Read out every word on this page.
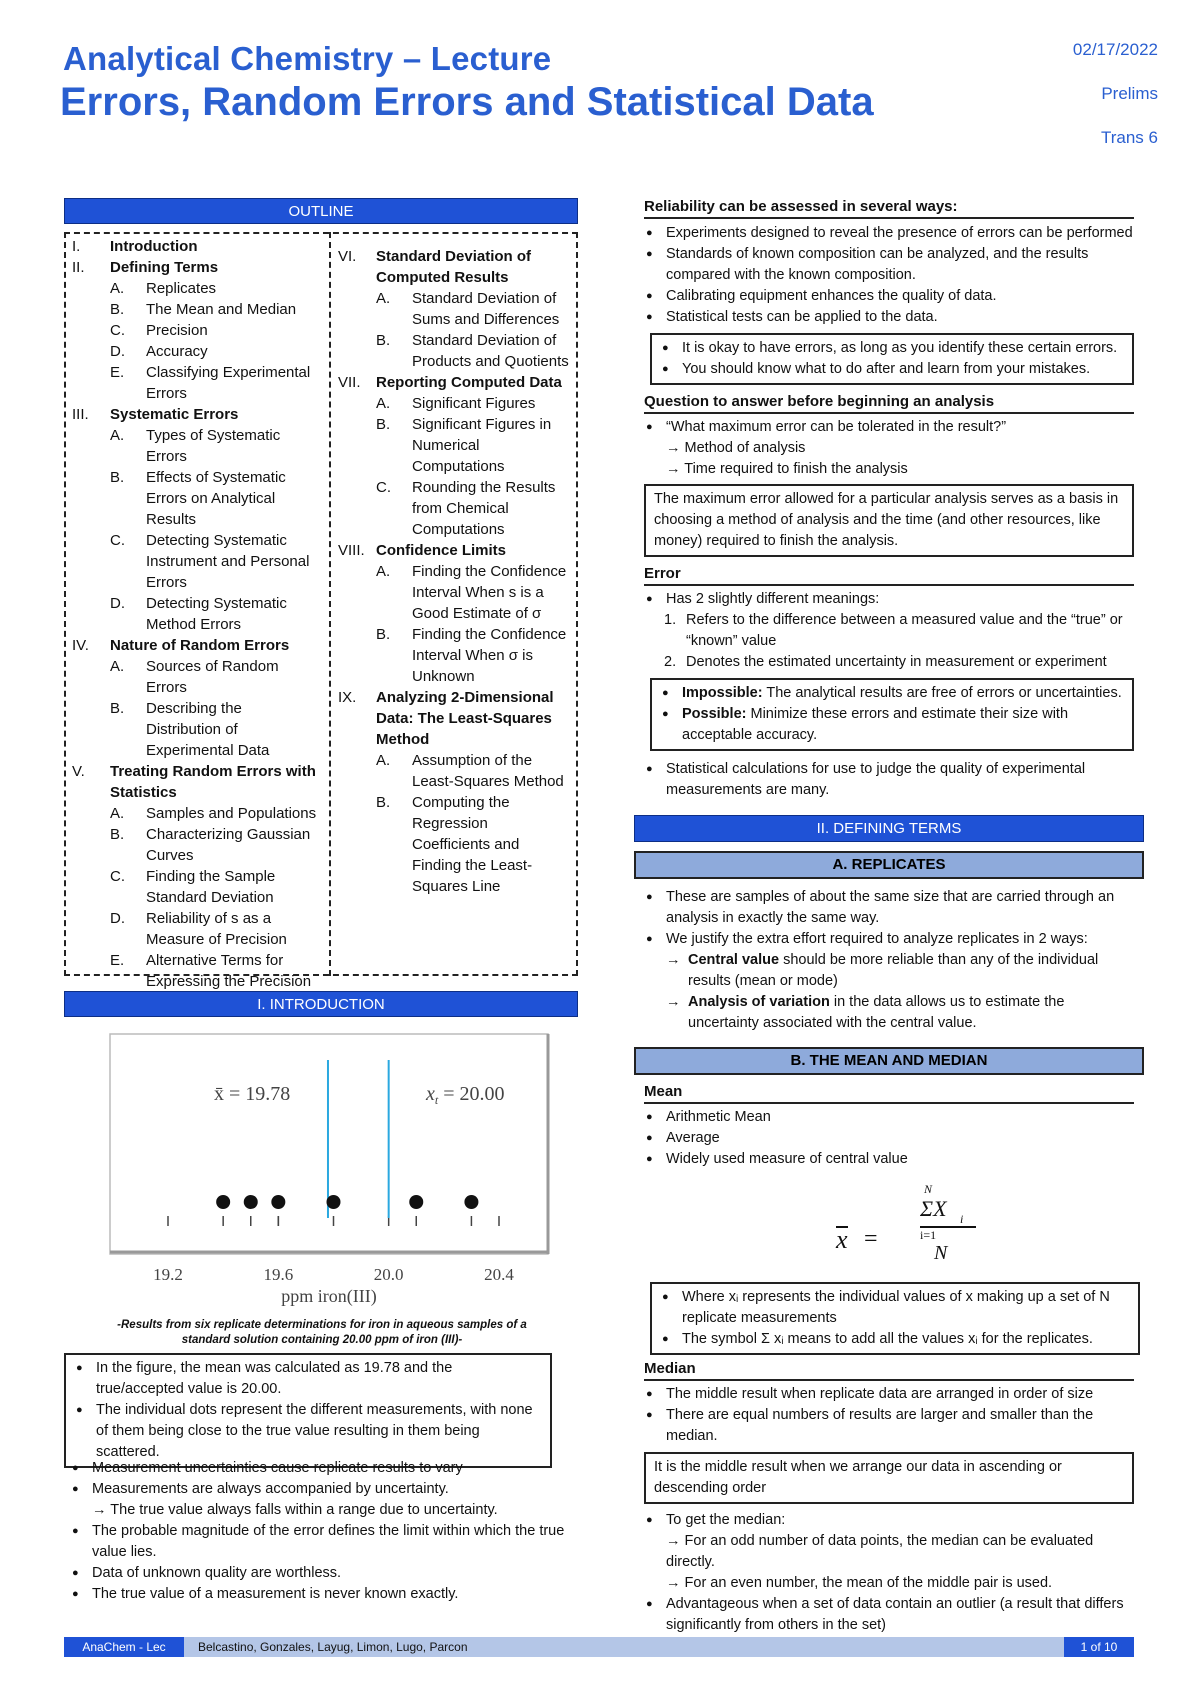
Analytical Chemistry – Lecture
Errors, Random Errors and Statistical Data
02/17/2022
Prelims
Trans 6
OUTLINE
I.	Introduction
II.	Defining Terms
A.	Replicates
B.	The Mean and Median
C.	Precision
D.	Accuracy
E.	Classifying Experimental Errors
III.	Systematic Errors
A.	Types of Systematic Errors
B.	Effects of Systematic Errors on Analytical Results
C.	Detecting Systematic Instrument and Personal Errors
D.	Detecting Systematic Method Errors
IV.	Nature of Random Errors
A.	Sources of Random Errors
B.	Describing the Distribution of Experimental Data
V.	Treating Random Errors with Statistics
A.	Samples and Populations
B.	Characterizing Gaussian Curves
C.	Finding the Sample Standard Deviation
D.	Reliability of s as a Measure of Precision
E.	Alternative Terms for Expressing the Precision
VI.	Standard Deviation of Computed Results
A.	Standard Deviation of Sums and Differences
B.	Standard Deviation of Products and Quotients
VII.	Reporting Computed Data
A.	Significant Figures
B.	Significant Figures in Numerical Computations
C.	Rounding the Results from Chemical Computations
VIII. Confidence Limits
A.	Finding the Confidence Interval When s is a Good Estimate of σ
B.	Finding the Confidence Interval When σ is Unknown
IX.	Analyzing 2-Dimensional Data: The Least-Squares Method
A.	Assumption of the Least-Squares Method
B.	Computing the Regression Coefficients and Finding the Least-Squares Line
I. INTRODUCTION
19.2	19.6	20.0	20.4
x̄ = 19.78	$x_t = 20.00$
ppm iron(III)
-Results from six replicate determinations for iron in aqueous samples of a standard solution containing 20.00 ppm of iron (III)-
● In the figure, the mean was calculated as 19.78 and the true/accepted value is 20.00.
● The individual dots represent the different measurements, with none of them being close to the true value resulting in them being scattered.
● Measurement uncertainties cause replicate results to vary
● Measurements are always accompanied by uncertainty.
→ The true value always falls within a range due to uncertainty.
● The probable magnitude of the error defines the limit within which the true value lies.
● Data of unknown quality are worthless.
● The true value of a measurement is never known exactly.
Reliability can be assessed in several ways:
● Experiments designed to reveal the presence of errors can be performed
● Standards of known composition can be analyzed, and the results compared with the known composition.
● Calibrating equipment enhances the quality of data.
● Statistical tests can be applied to the data.
● It is okay to have errors, as long as you identify these certain errors.
● You should know what to do after and learn from your mistakes.
Question to answer before beginning an analysis
● “What maximum error can be tolerated in the result?”
→ Method of analysis
→ Time required to finish the analysis
The maximum error allowed for a particular analysis serves as a basis in choosing a method of analysis and the time (and other resources, like money) required to finish the analysis.
Error
● Has 2 slightly different meanings:
1. Refers to the difference between a measured value and the “true” or “known” value
2. Denotes the estimated uncertainty in measurement or experiment
● Impossible: The analytical results are free of errors or uncertainties.
● Possible: Minimize these errors and estimate their size with acceptable accuracy.
● Statistical calculations for use to judge the quality of experimental measurements are many.
II. DEFINING TERMS
A. REPLICATES
● These are samples of about the same size that are carried through an analysis in exactly the same way.
● We justify the extra effort required to analyze replicates in 2 ways:
→ Central value should be more reliable than any of the individual results (mean or mode)
→ Analysis of variation in the data allows us to estimate the uncertainty associated with the central value.
B. THE MEAN AND MEDIAN
Mean
● Arithmetic Mean
● Average
● Widely used measure of central value
x =
N
ΣX i
i=1
N
● Where xᵢ represents the individual values of x making up a set of N replicate measurements
● The symbol Σ xᵢ means to add all the values xᵢ for the replicates.
Median
● The middle result when replicate data are arranged in order of size
● There are equal numbers of results are larger and smaller than the median.
It is the middle result when we arrange our data in ascending or descending order
● To get the median:
→ For an odd number of data points, the median can be evaluated directly.
→ For an even number, the mean of the middle pair is used.
● Advantageous when a set of data contain an outlier (a result that differs significantly from others in the set)
AnaChem - Lec	Belcastino, Gonzales, Layug, Limon, Lugo, Parcon	1 of 10
